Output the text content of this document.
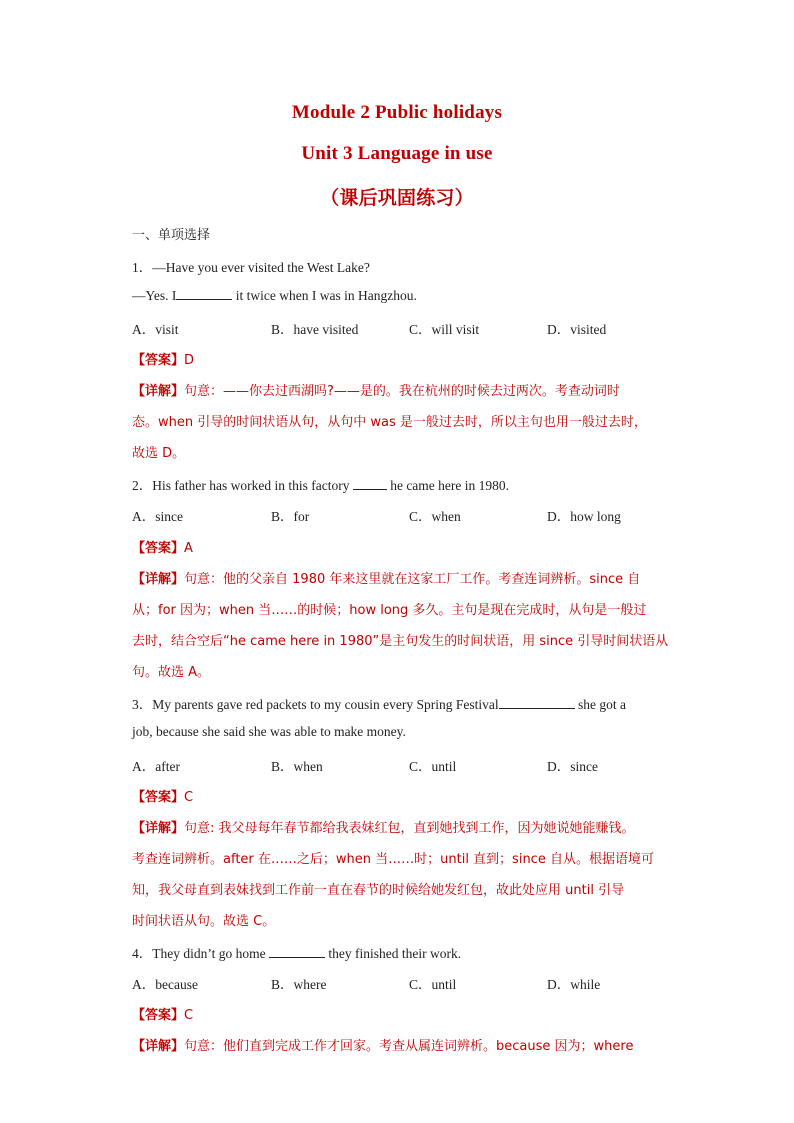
Module 2 Public holidays
Unit 3 Language in use
（课后巩固练习）
一、单项选择
1．—Have you ever visited the West Lake?
—Yes. I	it twice when I was in Hangzhou.
A．visit	B．have visited	C．will visit	D．visited
【答案】D
【详解】句意：——你去过西湖吗?——是的。我在杭州的时候去过两次。考查动词时
态。when 引导的时间状语从句，从句中 was 是一般过去时，所以主句也用一般过去时，
故选 D。
2．His father has worked in this factory	he came here in 1980.
A．since	B．for	C．when	D．how long
【答案】A
【详解】句意：他的父亲自 1980 年来这里就在这家工厂工作。考查连词辨析。since 自
从；for 因为；when 当……的时候；how long 多久。主句是现在完成时，从句是一般过
去时，结合空后“he came here in 1980”是主句发生的时间状语，用 since 引导时间状语从
句。故选 A。
3．My parents gave red packets to my cousin every Spring Festival	she got a
job, because she said she was able to make money.
A．after	B．when	C．until	D．since
【答案】C
【详解】句意: 我父母每年春节都给我表妹红包，直到她找到工作，因为她说她能赚钱。
考查连词辨析。after 在……之后；when 当……时；until 直到；since 自从。根据语境可
知，我父母直到表妹找到工作前一直在春节的时候给她发红包，故此处应用 until 引导
时间状语从句。故选 C。
4．They didn’t go home	they finished their work.
A．because	B．where	C．until	D．while
【答案】C
【详解】句意：他们直到完成工作才回家。考查从属连词辨析。because 因为；where
